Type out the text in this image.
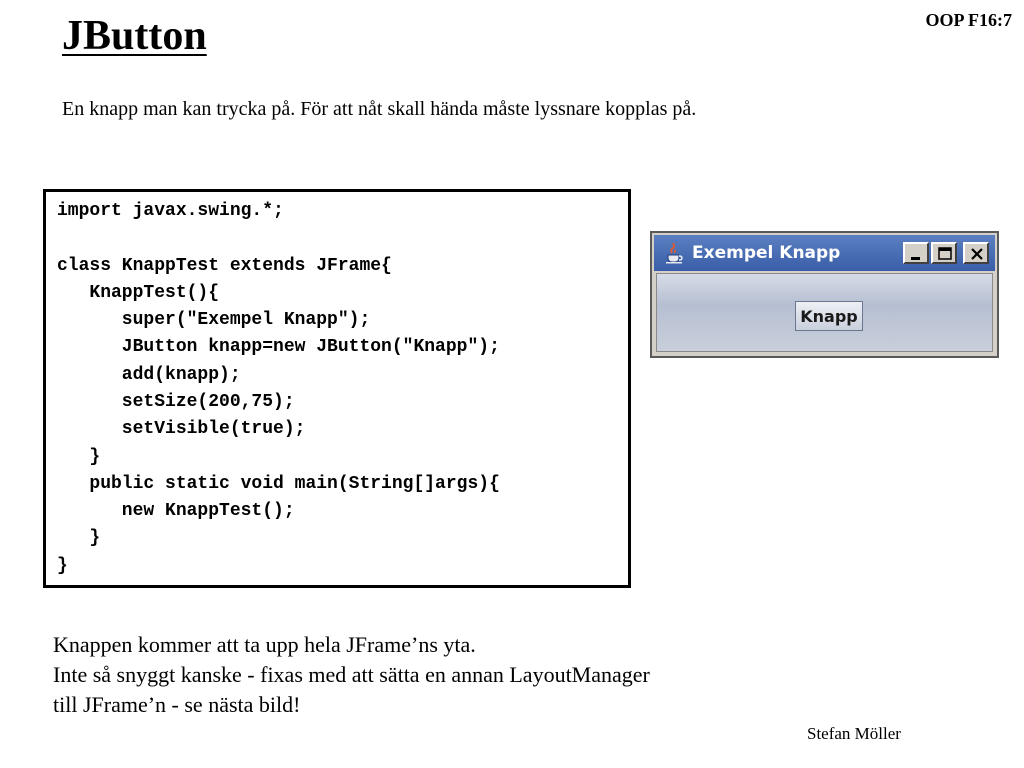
JButton	OOP F16:7
En knapp man kan trycka på. För att nåt skall hända måste lyssnare kopplas på.
import javax.swing.*;
class KnappTest extends JFrame{
KnappTest(){
super("Exempel Knapp");
JButton knapp=new JButton("Knapp");
add(knapp);
setSize(200,75);
setVisible(true);
}
public static void main(String[]args){
new KnappTest();
}
}
Exempel Knapp
Knapp
Knappen kommer att ta upp hela JFrame’ns yta.
Inte så snyggt kanske - fixas med att sätta en annan LayoutManager
till JFrame’n - se nästa bild!
Stefan Möller
